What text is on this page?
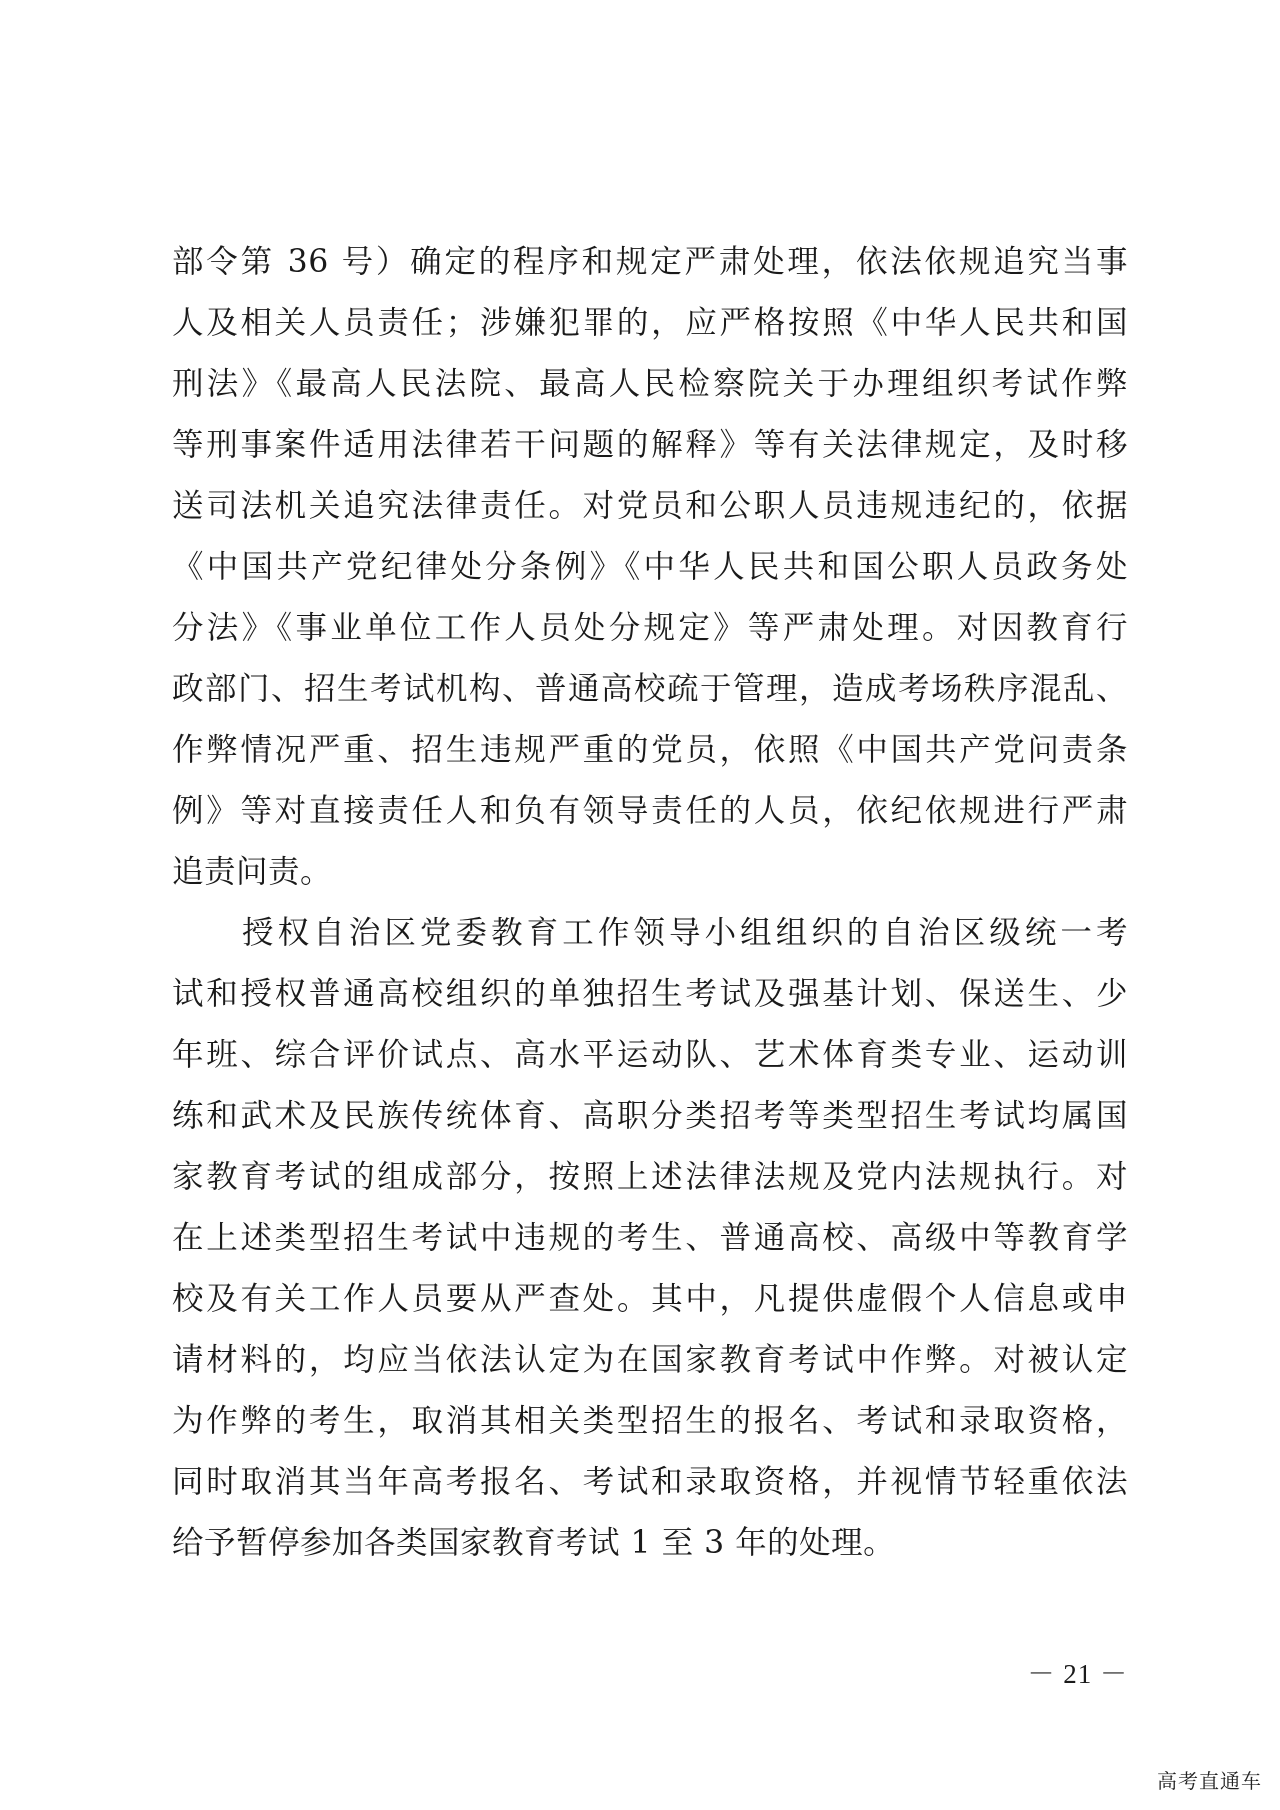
部令第 36 号）确定的程序和规定严肃处理，依法依规追究当事
人及相关人员责任；涉嫌犯罪的，应严格按照《中华人民共和国
刑法》《最高人民法院、最高人民检察院关于办理组织考试作弊
等刑事案件适用法律若干问题的解释》等有关法律规定，及时移
送司法机关追究法律责任。对党员和公职人员违规违纪的，依据
《中国共产党纪律处分条例》《中华人民共和国公职人员政务处
分法》《事业单位工作人员处分规定》等严肃处理。对因教育行
政部门、招生考试机构、普通高校疏于管理，造成考场秩序混乱、
作弊情况严重、招生违规严重的党员，依照《中国共产党问责条
例》等对直接责任人和负有领导责任的人员，依纪依规进行严肃
追责问责。
授权自治区党委教育工作领导小组组织的自治区级统一考
试和授权普通高校组织的单独招生考试及强基计划、保送生、少
年班、综合评价试点、高水平运动队、艺术体育类专业、运动训
练和武术及民族传统体育、高职分类招考等类型招生考试均属国
家教育考试的组成部分，按照上述法律法规及党内法规执行。对
在上述类型招生考试中违规的考生、普通高校、高级中等教育学
校及有关工作人员要从严查处。其中，凡提供虚假个人信息或申
请材料的，均应当依法认定为在国家教育考试中作弊。对被认定
为作弊的考生，取消其相关类型招生的报名、考试和录取资格，
同时取消其当年高考报名、考试和录取资格，并视情节轻重依法
给予暂停参加各类国家教育考试 1 至 3 年的处理。
－ 21 －
高考直通车
